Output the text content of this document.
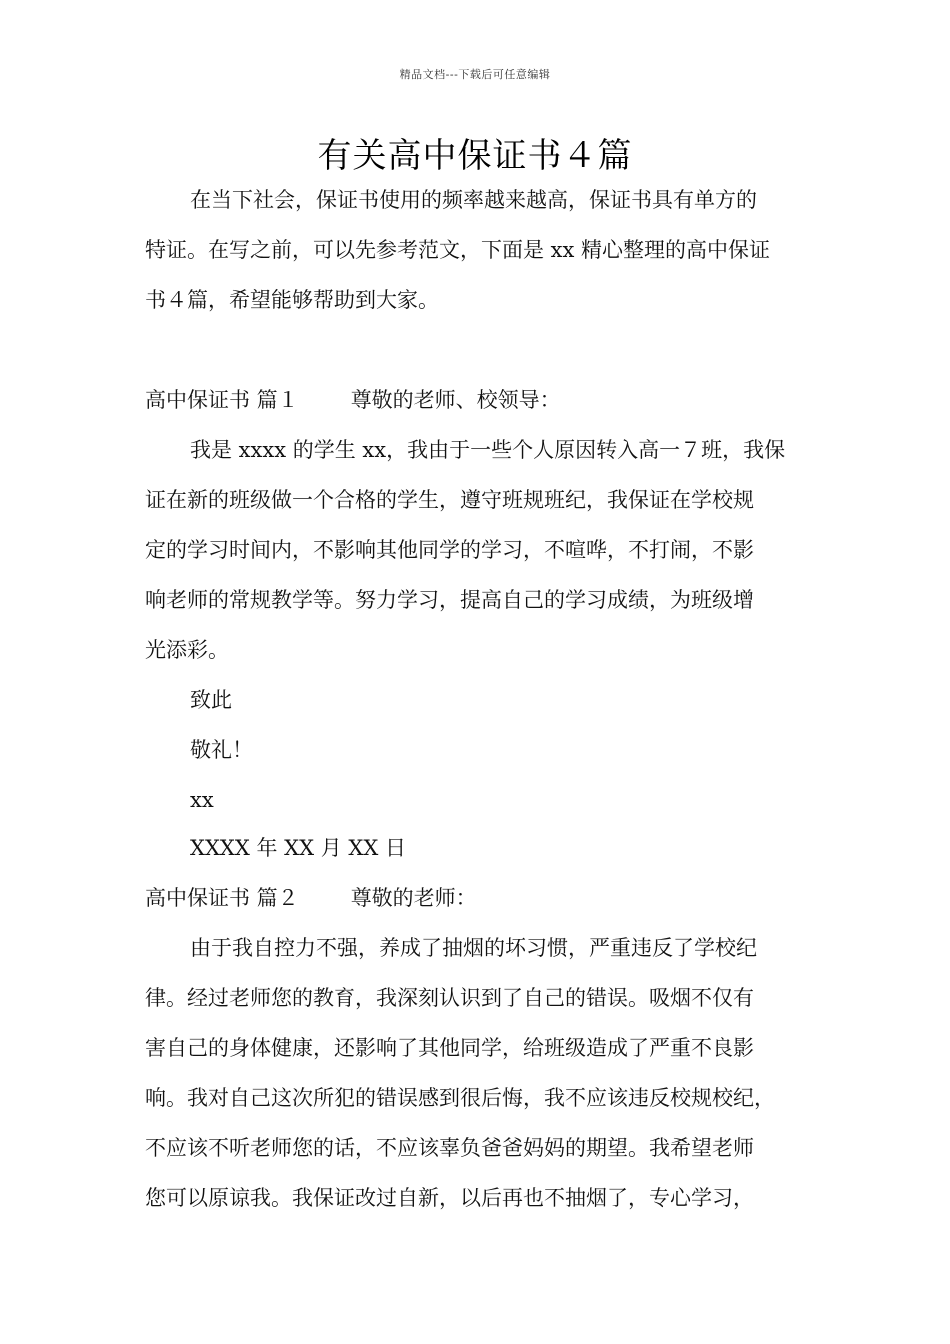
精品文档---下载后可任意编辑
有关高中保证书４篇
在当下社会，保证书使用的频率越来越高，保证书具有单方的
特证。在写之前，可以先参考范文，下面是 xx 精心整理的高中保证
书４篇，希望能够帮助到大家。
高中保证书 篇１ 尊敬的老师、校领导：
我是 xxxx 的学生 xx，我由于一些个人原因转入高一７班，我保
证在新的班级做一个合格的学生，遵守班规班纪，我保证在学校规
定的学习时间内，不影响其他同学的学习，不喧哗，不打闹，不影
响老师的常规教学等。努力学习，提高自己的学习成绩，为班级增
光添彩。
致此
敬礼！
xx
XXXX 年 XX 月 XX 日
高中保证书 篇２ 尊敬的老师：
由于我自控力不强，养成了抽烟的坏习惯，严重违反了学校纪
律。经过老师您的教育，我深刻认识到了自己的错误。吸烟不仅有
害自己的身体健康，还影响了其他同学，给班级造成了严重不良影
响。我对自己这次所犯的错误感到很后悔，我不应该违反校规校纪，
不应该不听老师您的话，不应该辜负爸爸妈妈的期望。我希望老师
您可以原谅我。我保证改过自新，以后再也不抽烟了，专心学习，
